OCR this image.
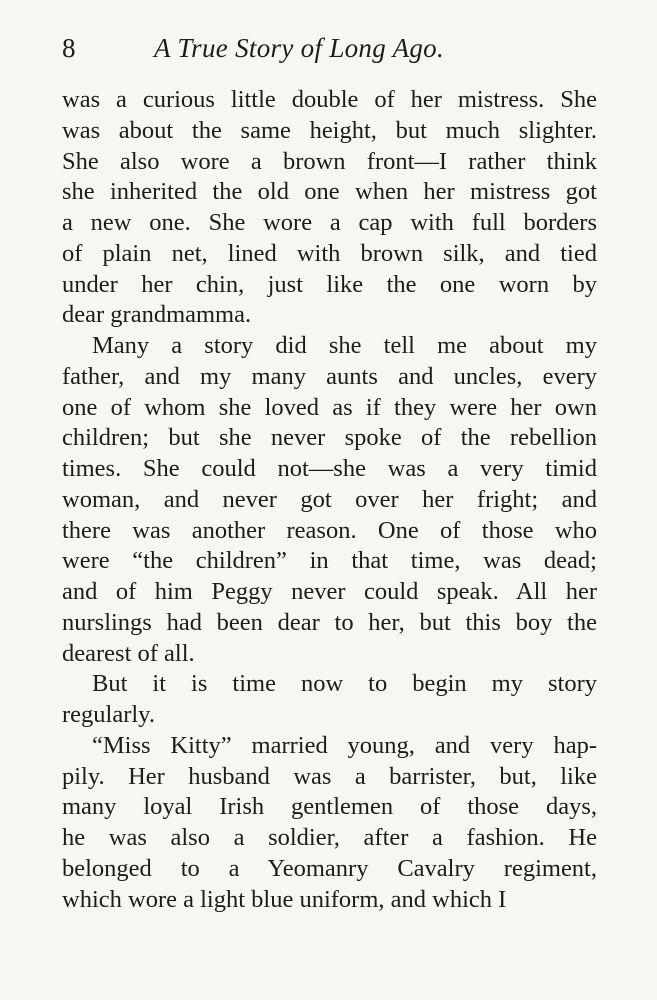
8	A True Story of Long Ago.
was a curious little double of her mistress. She
was about the same height, but much slighter.
She also wore a brown front—I rather think
she inherited the old one when her mistress got
a new one. She wore a cap with full borders
of plain net, lined with brown silk, and tied
under her chin, just like the one worn by
dear grandmamma.
Many a story did she tell me about my
father, and my many aunts and uncles, every
one of whom she loved as if they were her own
children; but she never spoke of the rebellion
times. She could not—she was a very timid
woman, and never got over her fright; and
there was another reason. One of those who
were “the children” in that time, was dead;
and of him Peggy never could speak. All her
nurslings had been dear to her, but this boy the
dearest of all.
But it is time now to begin my story
regularly.
“Miss Kitty” married young, and very hap-
pily. Her husband was a barrister, but, like
many loyal Irish gentlemen of those days,
he was also a soldier, after a fashion. He
belonged to a Yeomanry Cavalry regiment,
which wore a light blue uniform, and which I
